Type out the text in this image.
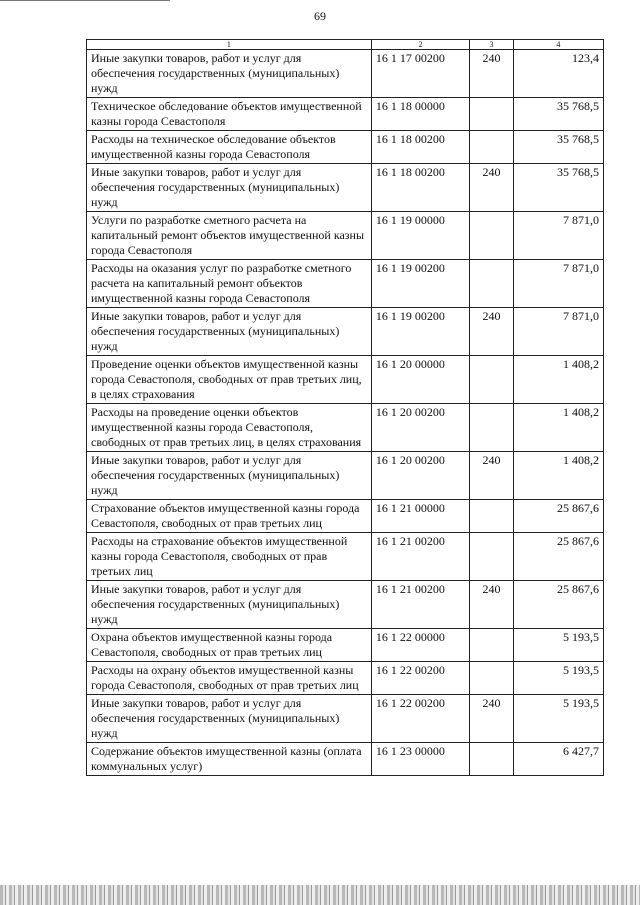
69
1	2	3	4
Иные закупки товаров, работ и услуг для обеспечения государственных (муниципальных) нужд	16 1 17 00200	240	123,4
Техническое обследование объектов имущественной казны города Севастополя	16 1 18 00000		35 768,5
Расходы на техническое обследование объектов имущественной казны города Севастополя	16 1 18 00200		35 768,5
Иные закупки товаров, работ и услуг для обеспечения государственных (муниципальных) нужд	16 1 18 00200	240	35 768,5
Услуги по разработке сметного расчета на капитальный ремонт объектов имущественной казны города Севастополя	16 1 19 00000		7 871,0
Расходы на оказания услуг по разработке сметного расчета на капитальный ремонт объектов имущественной казны города Севастополя	16 1 19 00200		7 871,0
Иные закупки товаров, работ и услуг для обеспечения государственных (муниципальных) нужд	16 1 19 00200	240	7 871,0
Проведение оценки объектов имущественной казны города Севастополя, свободных от прав третьих лиц, в целях страхования	16 1 20 00000		1 408,2
Расходы на проведение оценки объектов имущественной казны города Севастополя, свободных от прав третьих лиц, в целях страхования	16 1 20 00200		1 408,2
Иные закупки товаров, работ и услуг для обеспечения государственных (муниципальных) нужд	16 1 20 00200	240	1 408,2
Страхование объектов имущественной казны города Севастополя, свободных от прав третьих лиц	16 1 21 00000		25 867,6
Расходы на страхование объектов имущественной казны города Севастополя, свободных от прав третьих лиц	16 1 21 00200		25 867,6
Иные закупки товаров, работ и услуг для обеспечения государственных (муниципальных) нужд	16 1 21 00200	240	25 867,6
Охрана объектов имущественной казны города Севастополя, свободных от прав третьих лиц	16 1 22 00000		5 193,5
Расходы на охрану объектов имущественной казны города Севастополя, свободных от прав третьих лиц	16 1 22 00200		5 193,5
Иные закупки товаров, работ и услуг для обеспечения государственных (муниципальных) нужд	16 1 22 00200	240	5 193,5
Содержание объектов имущественной казны (оплата коммунальных услуг)	16 1 23 00000		6 427,7
